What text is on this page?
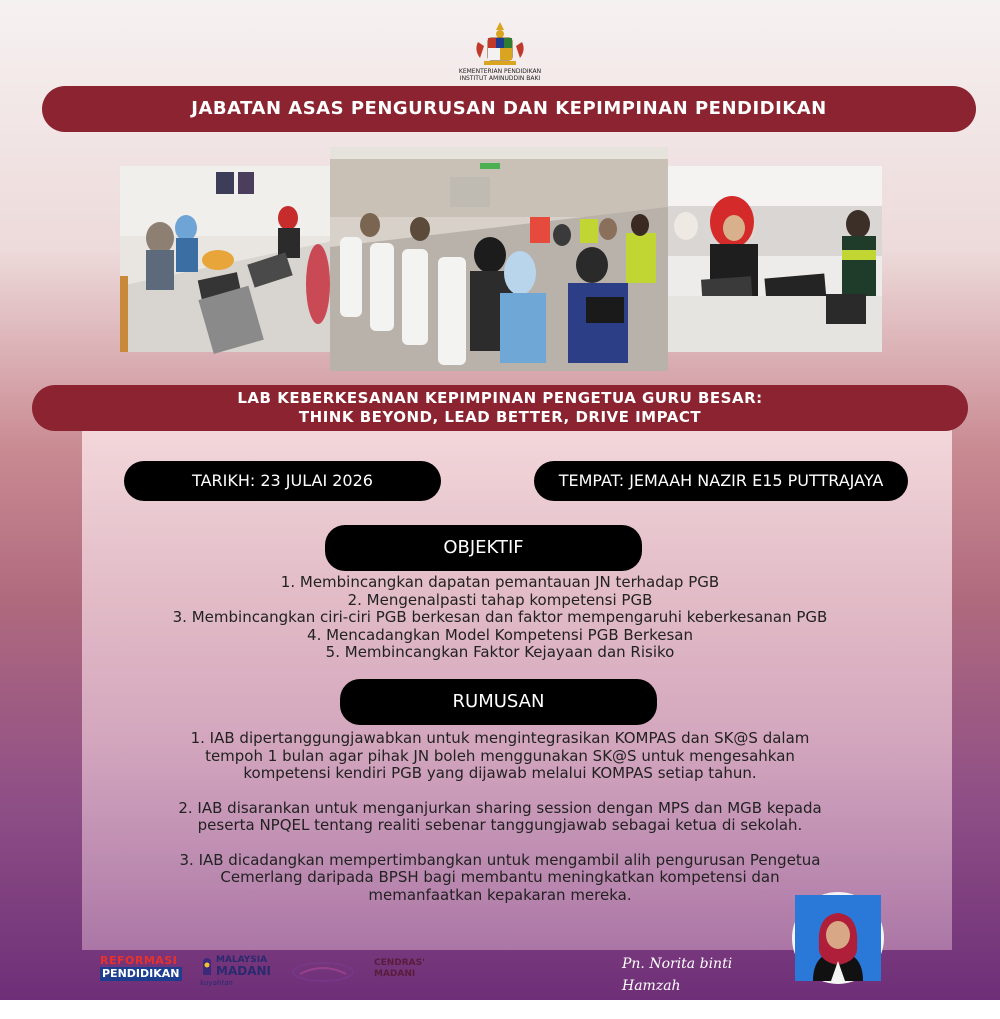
KEMENTERIAN PENDIDIKAN
INSTITUT AMINUDDIN BAKI
JABATAN ASAS PENGURUSAN DAN KEPIMPINAN PENDIDIKAN
LAB KEBERKESANAN KEPIMPINAN PENGETUA GURU BESAR:
THINK BEYOND, LEAD BETTER, DRIVE IMPACT
TARIKH: 23 JULAI 2026	TEMPAT: JEMAAH NAZIR E15 PUTTRAJAYA
OBJEKTIF
1. Membincangkan dapatan pemantauan JN terhadap PGB
2. Mengenalpasti tahap kompetensi PGB
3. Membincangkan ciri-ciri PGB berkesan dan faktor mempengaruhi keberkesanan PGB
4. Mencadangkan Model Kompetensi PGB Berkesan
5. Membincangkan Faktor Kejayaan dan Risiko
RUMUSAN

1. IAB dipertanggungjawabkan untuk mengintegrasikan KOMPAS dan SK@S dalam
tempoh 1 bulan agar pihak JN boleh menggunakan SK@S untuk mengesahkan
kompetensi kendiri PGB yang dijawab melalui KOMPAS setiap tahun.

2. IAB disarankan untuk menganjurkan sharing session dengan MPS dan MGB kepada
peserta NPQEL tentang realiti sebenar tanggungjawab sebagai ketua di sekolah.

3. IAB dicadangkan mempertimbangkan untuk mengambil alih pengurusan Pengetua
Cemerlang daripada BPSH bagi membantu meningkatkan kompetensi dan
memanfaatkan kepakaran mereka.

REFORMASI
PENDIDIKAN
MALAYSIA
MADANI
kuyahtan
CENDRAS'
MADANI
Pn. Norita binti Hamzah
Pensyarah Kanan
